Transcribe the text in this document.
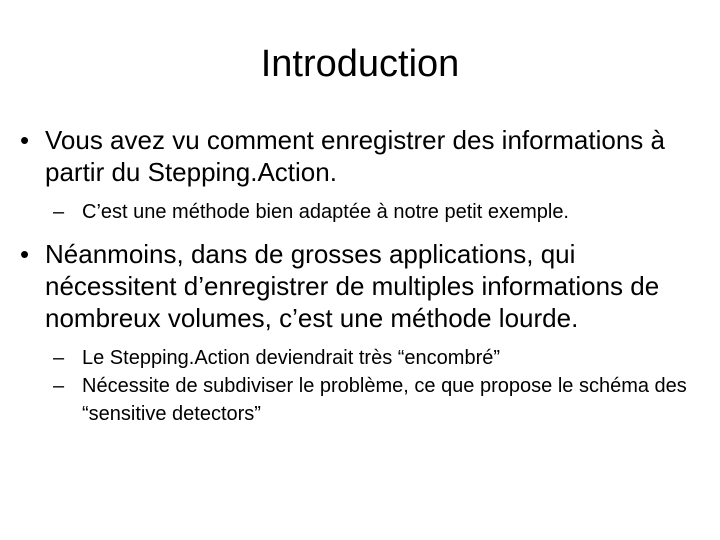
Introduction
• Vous avez vu comment enregistrer des informations à partir du Stepping.Action.
– C’est une méthode bien adaptée à notre petit exemple.
• Néanmoins, dans de grosses applications, qui nécessitent d’enregistrer de multiples informations de nombreux volumes, c’est une méthode lourde.
– Le Stepping.Action deviendrait très “encombré”
– Nécessite de subdiviser le problème, ce que propose le schéma des “sensitive detectors”
